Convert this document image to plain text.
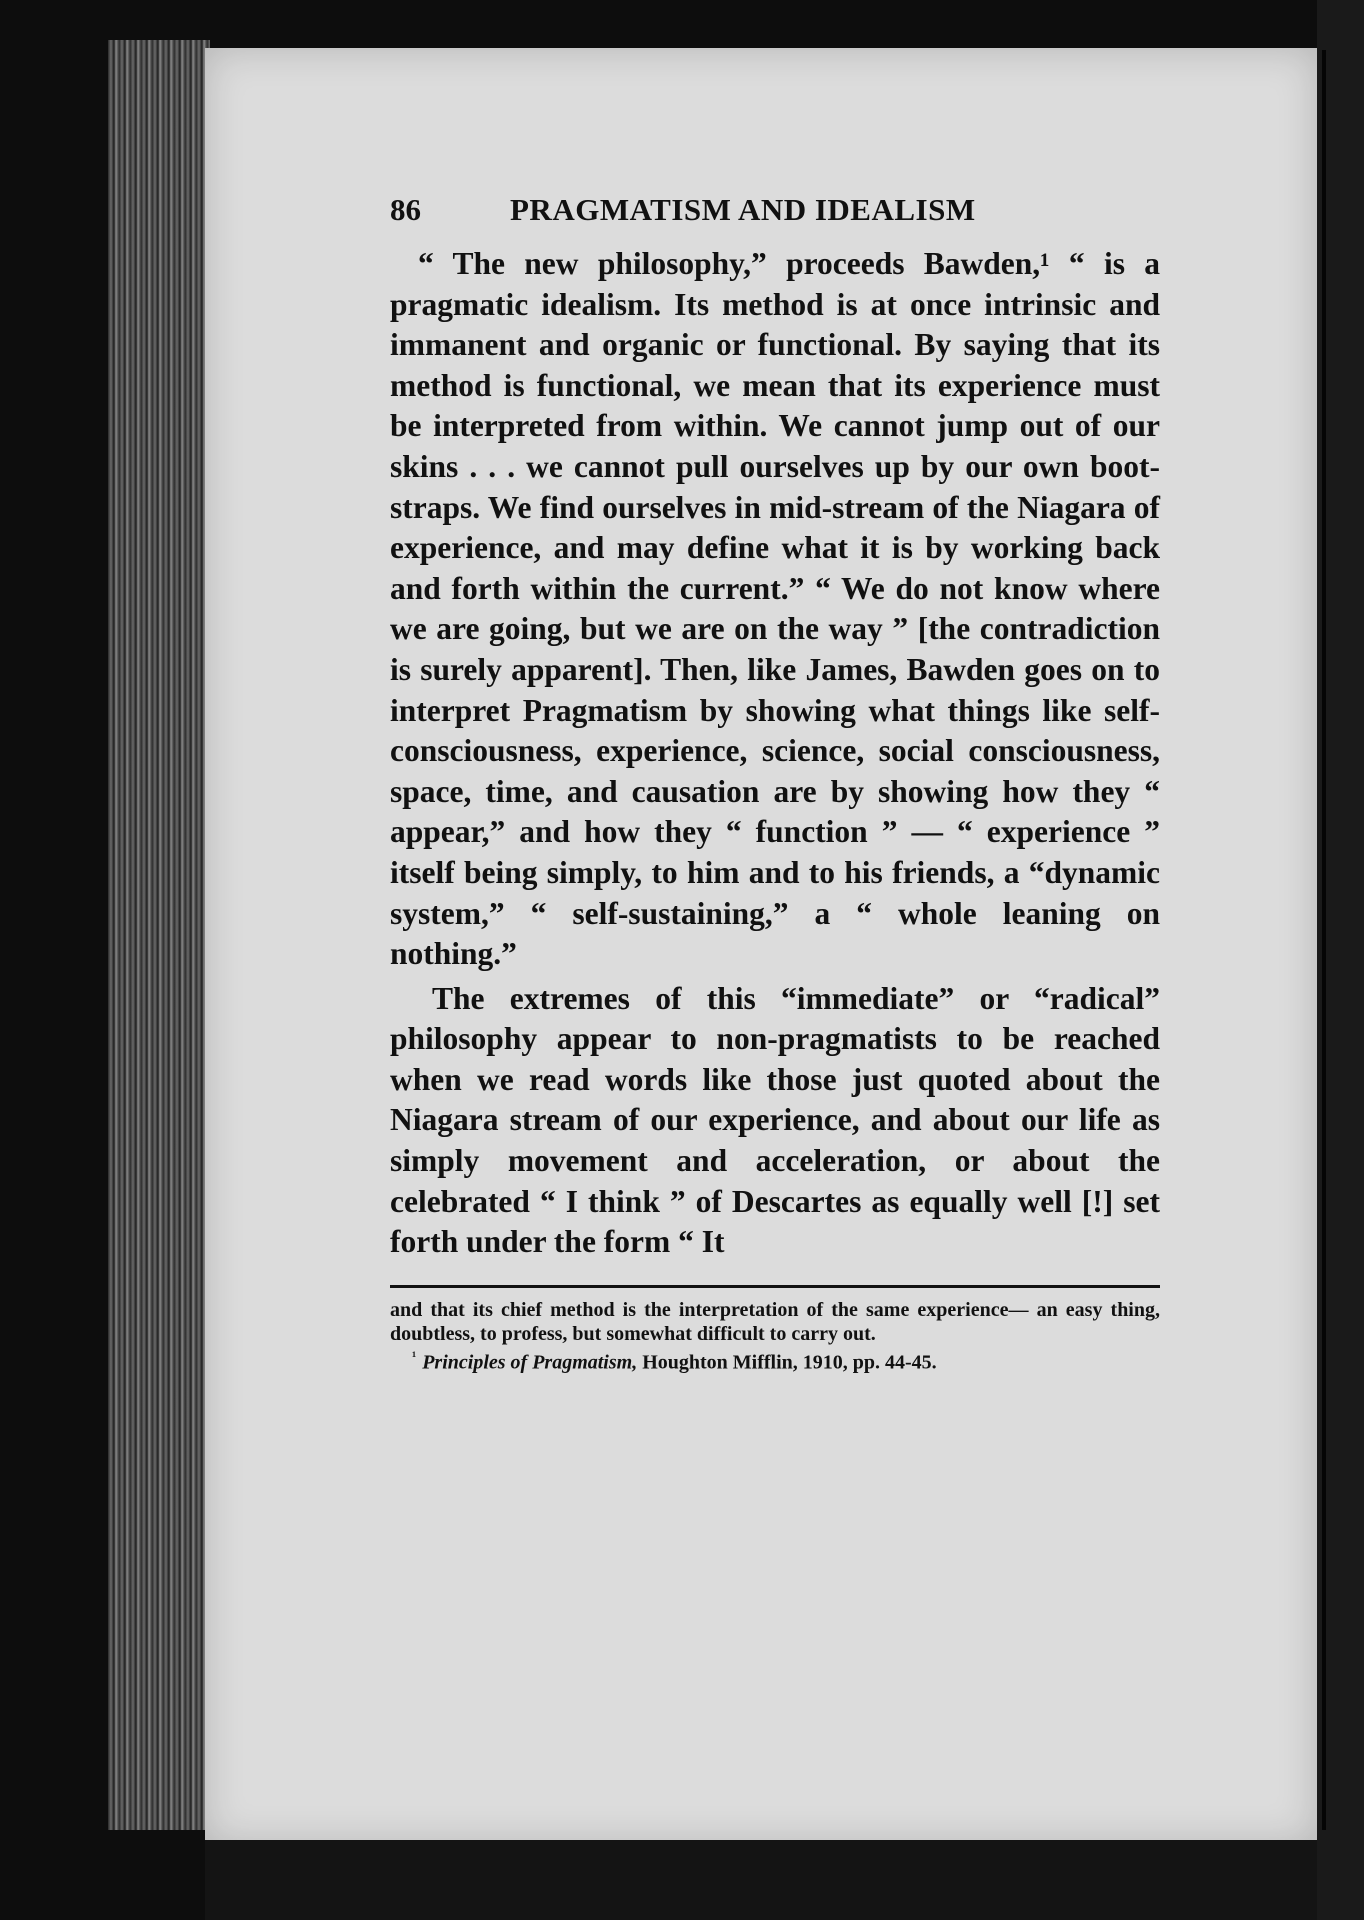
86	PRAGMATISM AND IDEALISM

“ The new philosophy,” proceeds Bawden,¹ “ is a pragmatic idealism. Its method is at once intrinsic and immanent and organic or functional. By saying that its method is functional, we mean that its experience must be interpreted from within. We cannot jump out of our skins . . . we cannot pull ourselves up by our own boot-straps. We find ourselves in mid-stream of the Niagara of experience, and may define what it is by working back and forth within the current.” “ We do not know where we are going, but we are on the way ” [the contradiction is surely apparent]. Then, like James, Bawden goes on to interpret Pragmatism by showing what things like self-consciousness, experience, science, social consciousness, space, time, and causation are by showing how they “ appear,” and how they “ function ” — “ experience ” itself being simply, to him and to his friends, a “dynamic system,” “ self-sustaining,” a “ whole leaning on nothing.”

The extremes of this “immediate” or “radical” philosophy appear to non-pragmatists to be reached when we read words like those just quoted about the Niagara stream of our experience, and about our life as simply movement and acceleration, or about the celebrated “ I think ” of Descartes as equally well [!] set forth under the form “ It

and that its chief method is the interpretation of the same experience— an easy thing, doubtless, to profess, but somewhat difficult to carry out.

$^{^1}$ Principles of Pragmatism, Houghton Mifflin, 1910, pp. 44-45.
